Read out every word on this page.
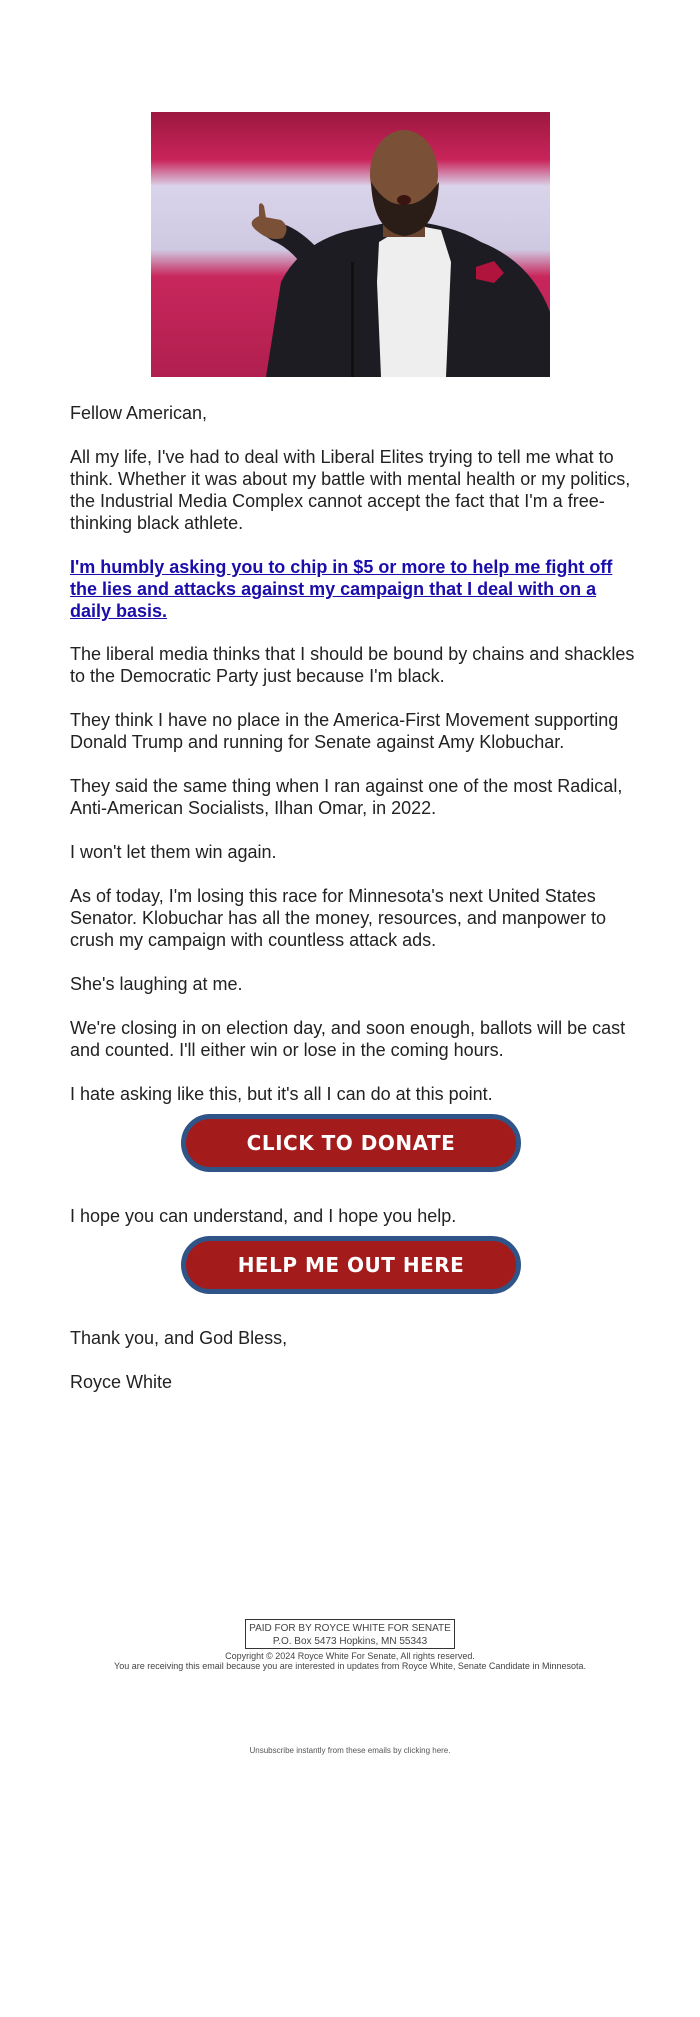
Fellow American,
All my life, I've had to deal with Liberal Elites trying to tell me what to think. Whether it was about my battle with mental health or my politics, the Industrial Media Complex cannot accept the fact that I'm a free-thinking black athlete.
I'm humbly asking you to chip in $5 or more to help me fight off the lies and attacks against my campaign that I deal with on a daily basis.
The liberal media thinks that I should be bound by chains and shackles to the Democratic Party just because I'm black.
They think I have no place in the America-First Movement supporting Donald Trump and running for Senate against Amy Klobuchar.
They said the same thing when I ran against one of the most Radical, Anti-American Socialists, Ilhan Omar, in 2022.
I won't let them win again.
As of today, I'm losing this race for Minnesota's next United States Senator. Klobuchar has all the money, resources, and manpower to crush my campaign with countless attack ads.
She's laughing at me.
We're closing in on election day, and soon enough, ballots will be cast and counted. I'll either win or lose in the coming hours.
I hate asking like this, but it's all I can do at this point.
CLICK TO DONATE
I hope you can understand, and I hope you help.
HELP ME OUT HERE
Thank you, and God Bless,
Royce White
PAID FOR BY ROYCE WHITE FOR SENATE
P.O. Box 5473 Hopkins, MN 55343
Copyright © 2024 Royce White For Senate, All rights reserved.
You are receiving this email because you are interested in updates from Royce White, Senate Candidate in Minnesota.
Unsubscribe instantly from these emails by clicking here.
